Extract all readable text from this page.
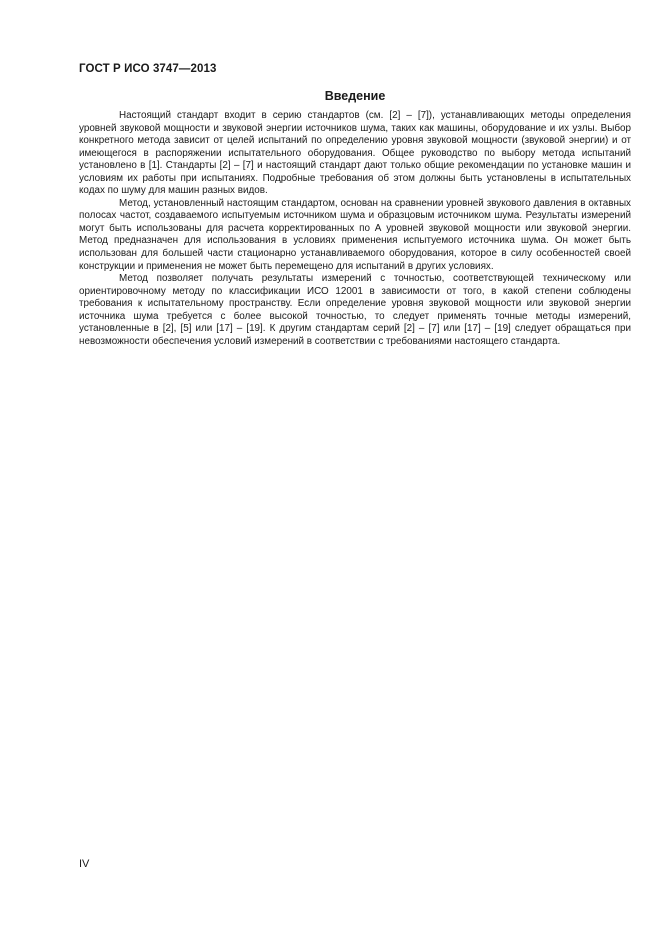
ГОСТ Р ИСО 3747—2013
Введение

Настоящий стандарт входит в серию стандартов (см. [2] – [7]), устанавливающих методы определения уровней звуковой мощности и звуковой энергии источников шума, таких как машины, оборудование и их узлы. Выбор конкретного метода зависит от целей испытаний по определению уровня звуковой мощности (звуковой энергии) и от имеющегося в распоряжении испытательного оборудования. Общее руководство по выбору метода испытаний установлено в [1]. Стандарты [2] – [7] и настоящий стандарт дают только общие рекомендации по установке машин и условиям их работы при испытаниях. Подробные требования об этом должны быть установлены в испытательных кодах по шуму для машин разных видов.

Метод, установленный настоящим стандартом, основан на сравнении уровней звукового давления в октавных полосах частот, создаваемого испытуемым источником шума и образцовым источником шума. Результаты измерений могут быть использованы для расчета корректированных по А уровней звуковой мощности или звуковой энергии. Метод предназначен для использования в условиях применения испытуемого источника шума. Он может быть использован для большей части стационарно устанавливаемого оборудования, которое в силу особенностей своей конструкции и применения не может быть перемещено для испытаний в других условиях.

Метод позволяет получать результаты измерений с точностью, соответствующей техническому или ориентировочному методу по классификации ИСО 12001 в зависимости от того, в какой степени соблюдены требования к испытательному пространству. Если определение уровня звуковой мощности или звуковой энергии источника шума требуется с более высокой точностью, то следует применять точные методы измерений, установленные в [2], [5] или [17] – [19]. К другим стандартам серий [2] – [7] или [17] – [19] следует обращаться при невозможности обеспечения условий измерений в соответствии с требованиями настоящего стандарта.

IV
